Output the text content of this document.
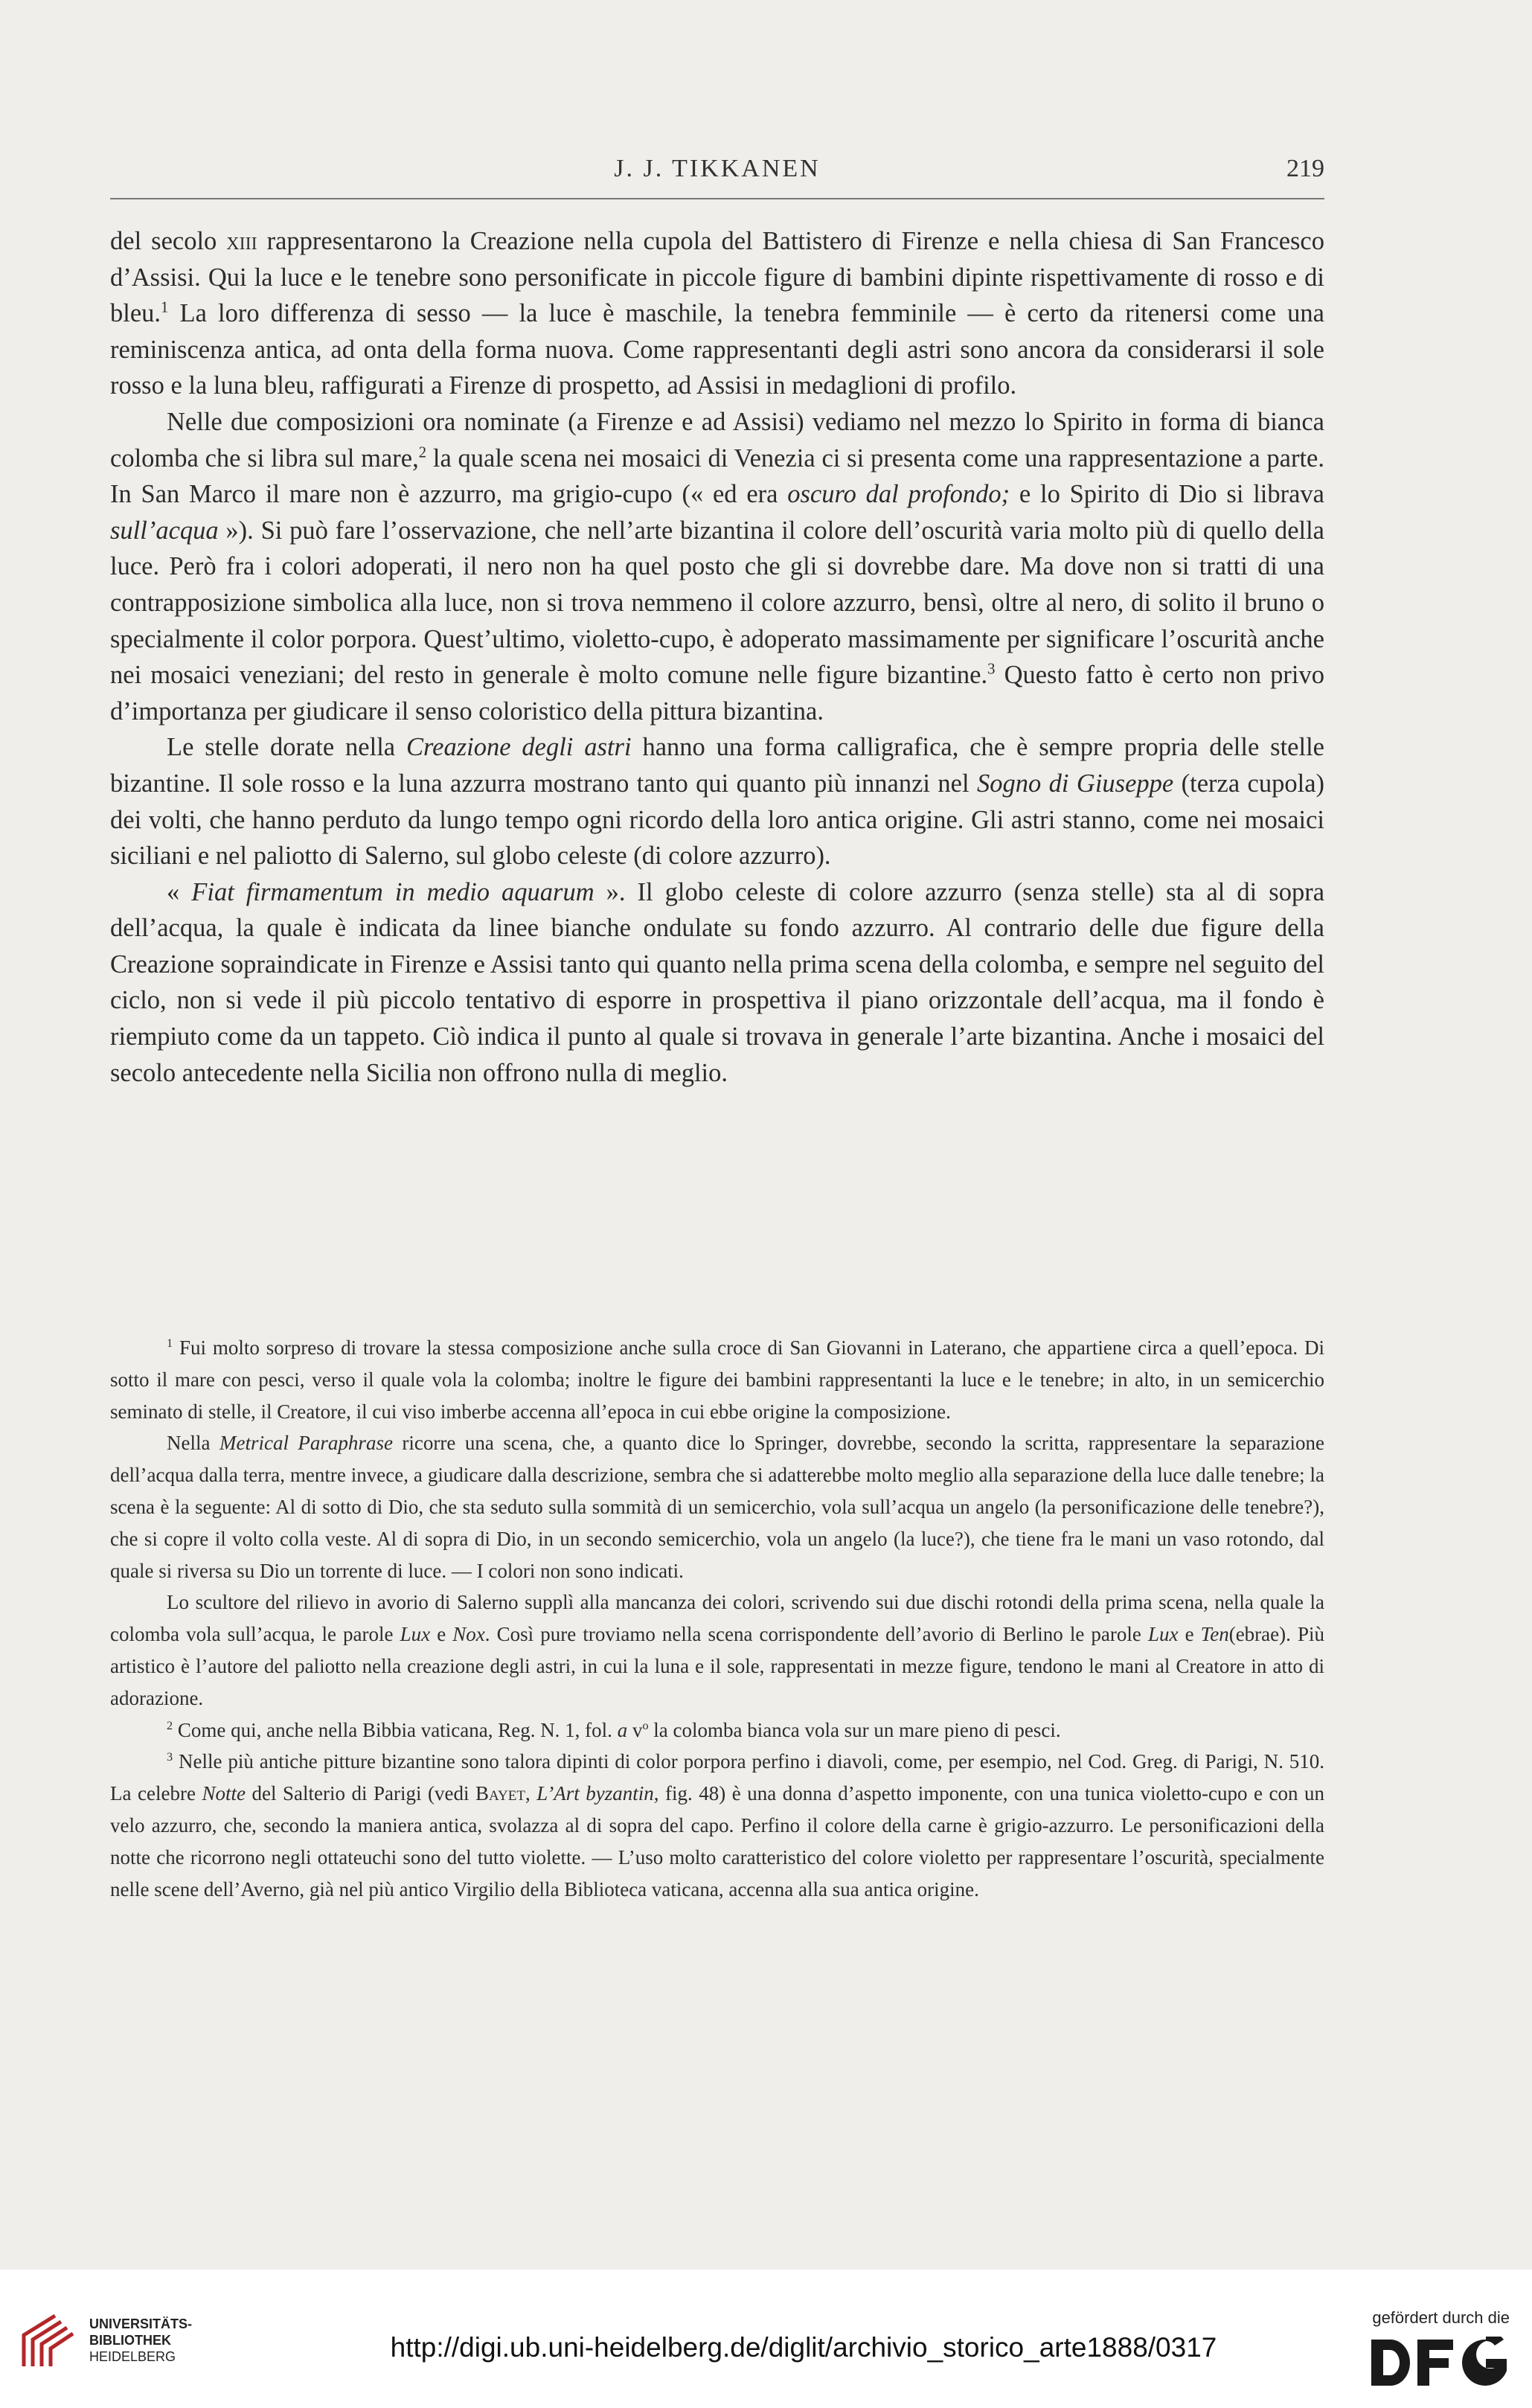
J. J. TIKKANEN	219

del secolo xiii rappresentarono la Creazione nella cupola del Battistero di Firenze e nella chiesa di San Francesco d’Assisi. Qui la luce e le tenebre sono personificate in piccole figure di bambini dipinte rispettivamente di rosso e di bleu.$^1$ La loro differenza di sesso — la luce è maschile, la tenebra femminile — è certo da ritenersi come una reminiscenza antica, ad onta della forma nuova. Come rappresentanti degli astri sono ancora da considerarsi il sole rosso e la luna bleu, raffigurati a Firenze di prospetto, ad Assisi in medaglioni di profilo.

Nelle due composizioni ora nominate (a Firenze e ad Assisi) vediamo nel mezzo lo Spirito in forma di bianca colomba che si libra sul mare,$^2$ la quale scena nei mosaici di Venezia ci si presenta come una rappresentazione a parte. In San Marco il mare non è azzurro, ma grigio-cupo (« ed era oscuro dal profondo; e lo Spirito di Dio si librava sull’acqua »). Si può fare l’osservazione, che nell’arte bizantina il colore dell’oscurità varia molto più di quello della luce. Però fra i colori adoperati, il nero non ha quel posto che gli si dovrebbe dare. Ma dove non si tratti di una contrapposizione simbolica alla luce, non si trova nemmeno il colore azzurro, bensì, oltre al nero, di solito il bruno o specialmente il color porpora. Quest’ultimo, violetto-cupo, è adoperato massimamente per significare l’oscurità anche nei mosaici veneziani; del resto in generale è molto comune nelle figure bizantine.$^3$ Questo fatto è certo non privo d’importanza per giudicare il senso coloristico della pittura bizantina.

Le stelle dorate nella Creazione degli astri hanno una forma calligrafica, che è sempre propria delle stelle bizantine. Il sole rosso e la luna azzurra mostrano tanto qui quanto più innanzi nel Sogno di Giuseppe (terza cupola) dei volti, che hanno perduto da lungo tempo ogni ricordo della loro antica origine. Gli astri stanno, come nei mosaici siciliani e nel paliotto di Salerno, sul globo celeste (di colore azzurro).

« Fiat firmamentum in medio aquarum ». Il globo celeste di colore azzurro (senza stelle) sta al di sopra dell’acqua, la quale è indicata da linee bianche ondulate su fondo azzurro. Al contrario delle due figure della Creazione sopraindicate in Firenze e Assisi tanto qui quanto nella prima scena della colomba, e sempre nel seguito del ciclo, non si vede il più piccolo tentativo di esporre in prospettiva il piano orizzontale dell’acqua, ma il fondo è riempiuto come da un tappeto. Ciò indica il punto al quale si trovava in generale l’arte bizantina. Anche i mosaici del secolo antecedente nella Sicilia non offrono nulla di meglio.

$^1$ Fui molto sorpreso di trovare la stessa composizione anche sulla croce di San Giovanni in Laterano, che appartiene circa a quell’epoca. Di sotto il mare con pesci, verso il quale vola la colomba; inoltre le figure dei bambini rappresentanti la luce e le tenebre; in alto, in un semicerchio seminato di stelle, il Creatore, il cui viso imberbe accenna all’epoca in cui ebbe origine la composizione.

Nella Metrical Paraphrase ricorre una scena, che, a quanto dice lo Springer, dovrebbe, secondo la scritta, rappresentare la separazione dell’acqua dalla terra, mentre invece, a giudicare dalla descrizione, sembra che si adatterebbe molto meglio alla separazione della luce dalle tenebre; la scena è la seguente: Al di sotto di Dio, che sta seduto sulla sommità di un semicerchio, vola sull’acqua un angelo (la personificazione delle tenebre?), che si copre il volto colla veste. Al di sopra di Dio, in un secondo semicerchio, vola un angelo (la luce?), che tiene fra le mani un vaso rotondo, dal quale si riversa su Dio un torrente di luce. — I colori non sono indicati.

Lo scultore del rilievo in avorio di Salerno supplì alla mancanza dei colori, scrivendo sui due dischi rotondi della prima scena, nella quale la colomba vola sull’acqua, le parole Lux e Nox. Così pure troviamo nella scena corrispondente dell’avorio di Berlino le parole Lux e Ten(ebrae). Più artistico è l’autore del paliotto nella creazione degli astri, in cui la luna e il sole, rappresentati in mezze figure, tendono le mani al Creatore in atto di adorazione.

$^2$ Come qui, anche nella Bibbia vaticana, Reg. N. 1, fol. a $v^o$ la colomba bianca vola sur un mare pieno di pesci.

$^3$ Nelle più antiche pitture bizantine sono talora dipinti di color porpora perfino i diavoli, come, per esempio, nel Cod. Greg. di Parigi, N. 510. La celebre Notte del Salterio di Parigi (vedi Bayet, L’Art byzantin, fig. 48) è una donna d’aspetto imponente, con una tunica violetto-cupo e con un velo azzurro, che, secondo la maniera antica, svolazza al di sopra del capo. Perfino il colore della carne è grigio-azzurro. Le personificazioni della notte che ricorrono negli ottateuchi sono del tutto violette. — L’uso molto caratteristico del colore violetto per rappresentare l’oscurità, specialmente nelle scene dell’Averno, già nel più antico Virgilio della Biblioteca vaticana, accenna alla sua antica origine.

UNIVERSITÄTS-
BIBLIOTHEK
HEIDELBERG	http://digi.ub.uni-heidelberg.de/diglit/archivio_storico_arte1888/0317
gefördert durch die
